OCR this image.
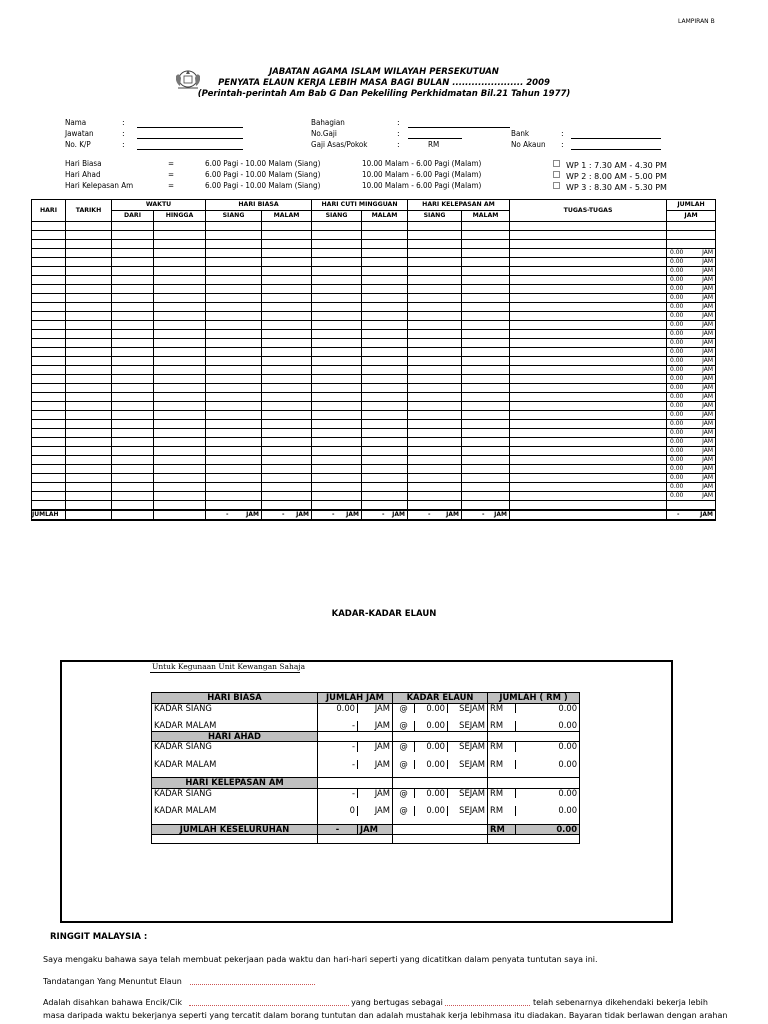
LAMPIRAN B
JABATAN AGAMA ISLAM WILAYAH PERSEKUTUAN
PENYATA ELAUN KERJA LEBIH MASA BAGI BULAN ...................... 2009
(Perintah-perintah Am Bab G Dan Pekeliling Perkhidmatan Bil.21 Tahun 1977)
Nama	:
Jawatan	:
No. K/P	:
Bahagian	:
No.Gaji	:
Gaji Asas/Pokok	:	RM
Bank	:
No Akaun :
Hari Biasa	=	6.00 Pagi - 10.00 Malam (Siang)	10.00 Malam - 6.00 Pagi (Malam)
Hari Ahad	=	6.00 Pagi - 10.00 Malam (Siang)	10.00 Malam - 6.00 Pagi (Malam)
Hari Kelepasan Am	=	6.00 Pagi - 10.00 Malam (Siang)	10.00 Malam - 6.00 Pagi (Malam)
WP 1 : 7.30 AM - 4.30 PM
WP 2 : 8.00 AM - 5.00 PM
WP 3 : 8.30 AM - 5.30 PM
HARI	TARIKH	WAKTU		HARI BIASA		HARI CUTI MINGGUAN		HARI KELEPASAN AM		TUGAS-TUGAS	JUMLAH
		DARI	HINGGA	SIANG	MALAM	SIANG	MALAM	SIANG	MALAM		JAM

											0.00 JAM

											0.00 JAM

											0.00 JAM

											0.00 JAM

											0.00 JAM

											0.00 JAM

											0.00 JAM

											0.00 JAM

											0.00 JAM

											0.00 JAM

											0.00 JAM

											0.00 JAM

											0.00 JAM

											0.00 JAM

											0.00 JAM

											0.00 JAM

											0.00 JAM

											0.00 JAM

											0.00 JAM

											0.00 JAM

											0.00 JAM

											0.00 JAM

											0.00 JAM

											0.00 JAM

											0.00 JAM

											0.00 JAM

											0.00 JAM

											0.00 JAM

JUMLAH				- JAM	- JAM	- JAM	- JAM	- JAM	- JAM		- JAM
KADAR-KADAR ELAUN
Untuk Kegunaan Unit Kewangan Sahaja
HARI BIASA	JUMLAH JAM		KADAR ELAUN			JUMLAH ( RM )	
KADAR SIANG	0.00	JAM	@	0.00	SEJAM	RM	0.00

KADAR MALAM	-	JAM	@	0.00	SEJAM	RM	0.00
HARI AHAD							
KADAR SIANG	-	JAM	@	0.00	SEJAM	RM	0.00

KADAR MALAM	-	JAM	@	0.00	SEJAM	RM	0.00

HARI KELEPASAN AM							
KADAR SIANG	-	JAM	@	0.00	SEJAM	RM	0.00

KADAR MALAM	0	JAM	@	0.00	SEJAM	RM	0.00

JUMLAH KESELURUHAN	-	JAM				RM	0.00

RINGGIT MALAYSIA :
Saya mengaku bahawa saya telah membuat pekerjaan pada waktu dan hari-hari seperti yang dicatitkan dalam penyata tuntutan saya ini.
Tandatangan Yang Menuntut Elaun
Adalah disahkan bahawa Encik/Cik	yang bertugas sebagai	telah sebenarnya dikehendaki bekerja lebih
masa daripada waktu bekerjanya seperti yang tercatit dalam borang tuntutan dan adalah mustahak kerja lebihmasa itu diadakan. Bayaran tidak berlawan dengan arahan
